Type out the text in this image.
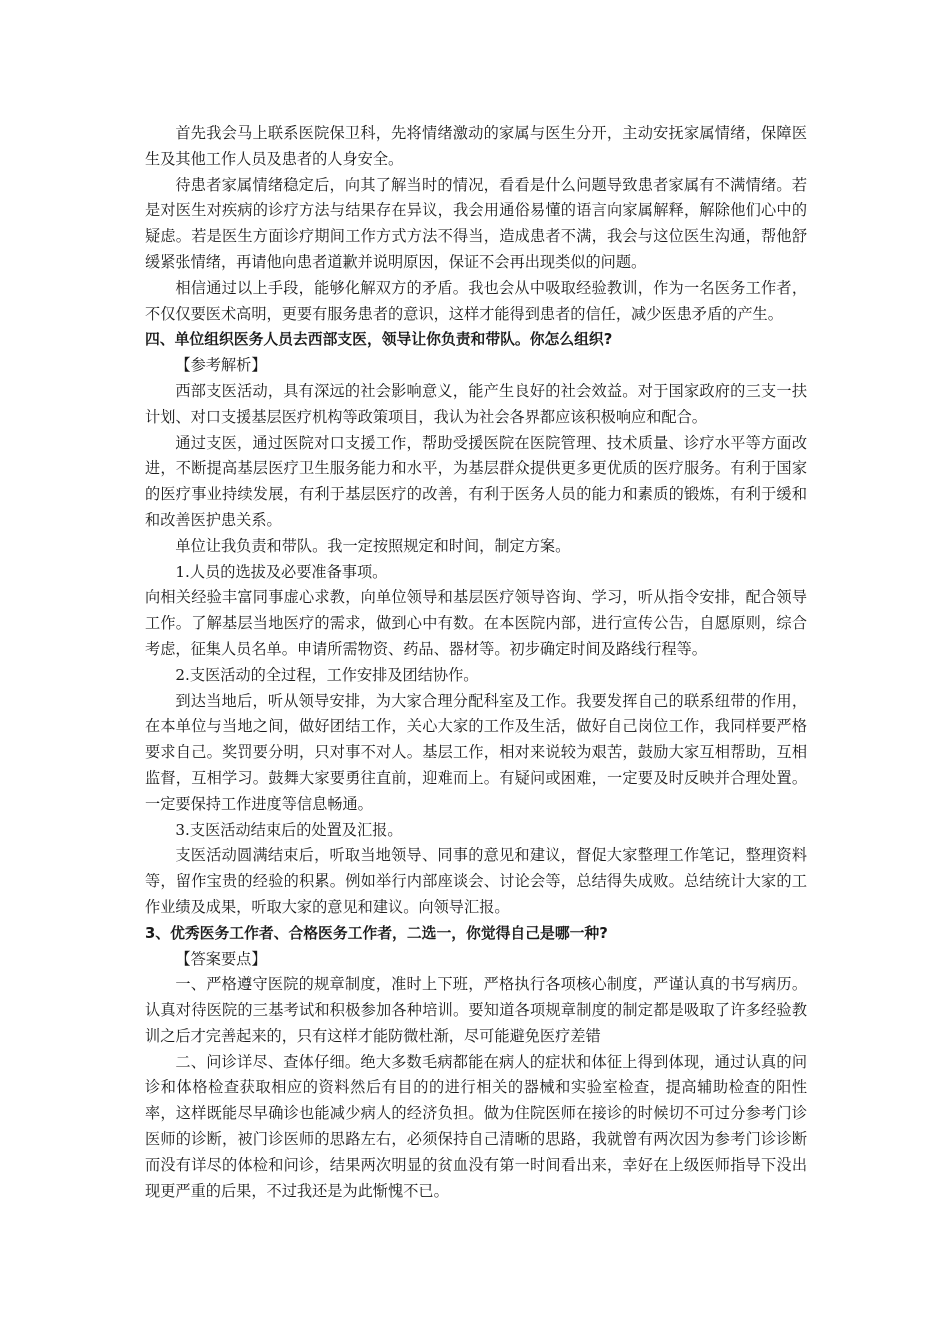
首先我会马上联系医院保卫科，先将情绪激动的家属与医生分开，主动安抚家属情绪，保障医生及其他工作人员及患者的人身安全。

待患者家属情绪稳定后，向其了解当时的情况，看看是什么问题导致患者家属有不满情绪。若是对医生对疾病的诊疗方法与结果存在异议，我会用通俗易懂的语言向家属解释，解除他们心中的疑虑。若是医生方面诊疗期间工作方式方法不得当，造成患者不满，我会与这位医生沟通，帮他舒缓紧张情绪，再请他向患者道歉并说明原因，保证不会再出现类似的问题。

相信通过以上手段，能够化解双方的矛盾。我也会从中吸取经验教训，作为一名医务工作者，不仅仅要医术高明，更要有服务患者的意识，这样才能得到患者的信任，减少医患矛盾的产生。

四、单位组织医务人员去西部支医，领导让你负责和带队。你怎么组织?

【参考解析】

西部支医活动，具有深远的社会影响意义，能产生良好的社会效益。对于国家政府的三支一扶计划、对口支援基层医疗机构等政策项目，我认为社会各界都应该积极响应和配合。

通过支医，通过医院对口支援工作，帮助受援医院在医院管理、技术质量、诊疗水平等方面改进，不断提高基层医疗卫生服务能力和水平，为基层群众提供更多更优质的医疗服务。有利于国家的医疗事业持续发展，有利于基层医疗的改善，有利于医务人员的能力和素质的锻炼，有利于缓和和改善医护患关系。

单位让我负责和带队。我一定按照规定和时间，制定方案。

1.人员的选拔及必要准备事项。

向相关经验丰富同事虚心求教，向单位领导和基层医疗领导咨询、学习，听从指令安排，配合领导工作。了解基层当地医疗的需求，做到心中有数。在本医院内部，进行宣传公告，自愿原则，综合考虑，征集人员名单。申请所需物资、药品、器材等。初步确定时间及路线行程等。

2.支医活动的全过程，工作安排及团结协作。

到达当地后，听从领导安排，为大家合理分配科室及工作。我要发挥自己的联系纽带的作用，在本单位与当地之间，做好团结工作，关心大家的工作及生活，做好自己岗位工作，我同样要严格要求自己。奖罚要分明，只对事不对人。基层工作，相对来说较为艰苦，鼓励大家互相帮助，互相监督，互相学习。鼓舞大家要勇往直前，迎难而上。有疑问或困难，一定要及时反映并合理处置。一定要保持工作进度等信息畅通。

3.支医活动结束后的处置及汇报。

支医活动圆满结束后，听取当地领导、同事的意见和建议，督促大家整理工作笔记，整理资料等，留作宝贵的经验的积累。例如举行内部座谈会、讨论会等，总结得失成败。总结统计大家的工作业绩及成果，听取大家的意见和建议。向领导汇报。

3、优秀医务工作者、合格医务工作者，二选一，你觉得自己是哪一种?

【答案要点】

一、严格遵守医院的规章制度，准时上下班，严格执行各项核心制度，严谨认真的书写病历。认真对待医院的三基考试和积极参加各种培训。要知道各项规章制度的制定都是吸取了许多经验教训之后才完善起来的，只有这样才能防微杜渐，尽可能避免医疗差错

二、问诊详尽、查体仔细。绝大多数毛病都能在病人的症状和体征上得到体现，通过认真的问诊和体格检查获取相应的资料然后有目的的进行相关的器械和实验室检查，提高辅助检查的阳性率，这样既能尽早确诊也能减少病人的经济负担。做为住院医师在接诊的时候切不可过分参考门诊医师的诊断，被门诊医师的思路左右，必须保持自己清晰的思路，我就曾有两次因为参考门诊诊断而没有详尽的体检和问诊，结果两次明显的贫血没有第一时间看出来，幸好在上级医师指导下没出现更严重的后果，不过我还是为此惭愧不已。
